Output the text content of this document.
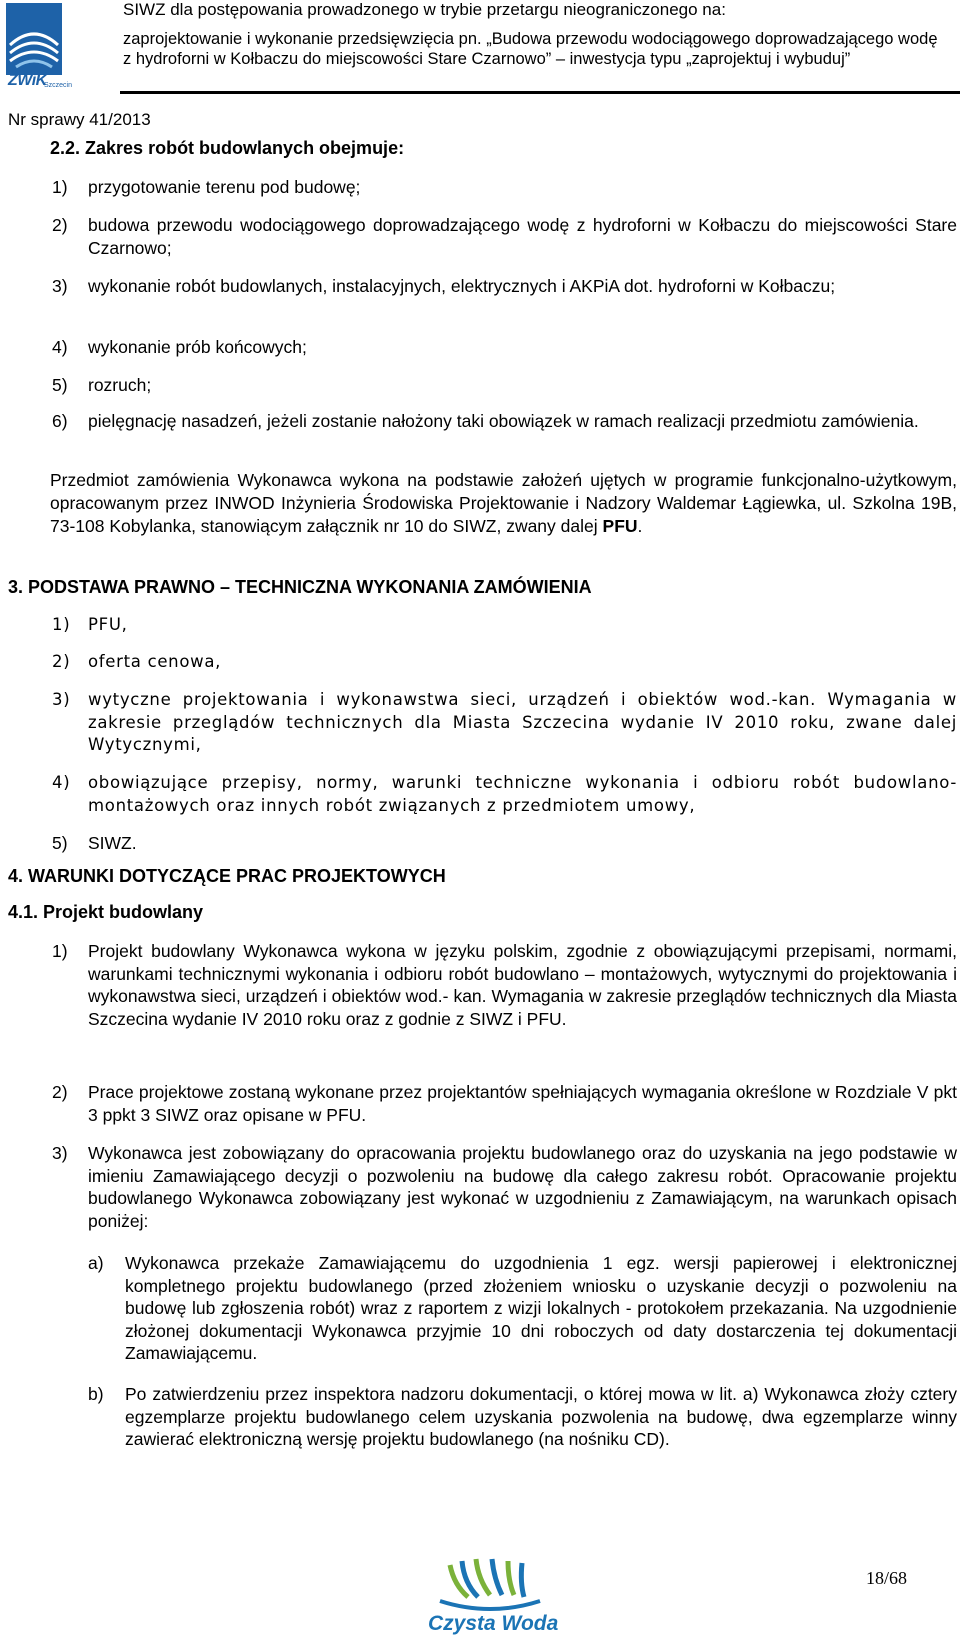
ZWiK
Szczecin
SIWZ dla postępowania prowadzonego w trybie przetargu nieograniczonego na:
zaprojektowanie i wykonanie przedsięwzięcia pn. „Budowa przewodu wodociągowego doprowadzającego wodę
z hydroforni w Kołbaczu do miejscowości Stare Czarnowo” – inwestycja typu „zaprojektuj i wybuduj”
Nr sprawy 41/2013
2.2. Zakres robót budowlanych obejmuje:
1)	przygotowanie terenu pod budowę;
2)	budowa przewodu wodociągowego doprowadzającego wodę z hydroforni w Kołbaczu do miejscowości Stare Czarnowo;
3)	wykonanie robót budowlanych, instalacyjnych, elektrycznych i AKPiA dot. hydroforni w Kołbaczu;
4)	wykonanie prób końcowych;
5)	rozruch;
6)	pielęgnację nasadzeń, jeżeli zostanie nałożony taki obowiązek w ramach realizacji przedmiotu zamówienia.
Przedmiot zamówienia Wykonawca wykona na podstawie założeń ujętych w programie funkcjonalno-użytkowym, opracowanym przez INWOD Inżynieria Środowiska Projektowanie i Nadzory Waldemar Łągiewka, ul. Szkolna 19B, 73-108 Kobylanka, stanowiącym załącznik nr 10 do SIWZ, zwany dalej PFU.
3. PODSTAWA PRAWNO – TECHNICZNA WYKONANIA ZAMÓWIENIA
1)	PFU,
2)	oferta cenowa,
3)	wytyczne projektowania i wykonawstwa sieci, urządzeń i obiektów wod.-kan. Wymagania w zakresie przeglądów technicznych dla Miasta Szczecina wydanie IV 2010 roku, zwane dalej Wytycznymi,
4)	obowiązujące przepisy, normy, warunki techniczne wykonania i odbioru robót budowlano-montażowych oraz innych robót związanych z przedmiotem umowy,
5)	SIWZ.
4. WARUNKI DOTYCZĄCE PRAC PROJEKTOWYCH
4.1. Projekt budowlany
1)	Projekt budowlany Wykonawca wykona w języku polskim, zgodnie z obowiązującymi przepisami, normami, warunkami technicznymi wykonania i odbioru robót budowlano – montażowych, wytycznymi do projektowania i wykonawstwa sieci, urządzeń i obiektów wod.- kan. Wymagania w zakresie przeglądów technicznych dla Miasta Szczecina wydanie IV 2010 roku oraz z godnie z SIWZ i PFU.
2)	Prace projektowe zostaną wykonane przez projektantów spełniających wymagania określone w Rozdziale V pkt 3 ppkt 3 SIWZ oraz opisane w PFU.
3)	Wykonawca jest zobowiązany do opracowania projektu budowlanego oraz do uzyskania na jego podstawie w imieniu Zamawiającego decyzji o pozwoleniu na budowę dla całego zakresu robót. Opracowanie projektu budowlanego Wykonawca zobowiązany jest wykonać w uzgodnieniu z Zamawiającym, na warunkach opisach poniżej:
a)	Wykonawca przekaże Zamawiającemu do uzgodnienia 1 egz. wersji papierowej i elektronicznej kompletnego projektu budowlanego (przed złożeniem wniosku o uzyskanie decyzji o pozwoleniu na budowę lub zgłoszenia robót) wraz z raportem z wizji lokalnych - protokołem przekazania. Na uzgodnienie złożonej dokumentacji Wykonawca przyjmie 10 dni roboczych od daty dostarczenia tej dokumentacji Zamawiającemu.
b)	Po zatwierdzeniu przez inspektora nadzoru dokumentacji, o której mowa w lit. a) Wykonawca złoży cztery egzemplarze projektu budowlanego celem uzyskania pozwolenia na budowę, dwa egzemplarze winny zawierać elektroniczną wersję projektu budowlanego (na nośniku CD).
Czysta Woda
18/68
